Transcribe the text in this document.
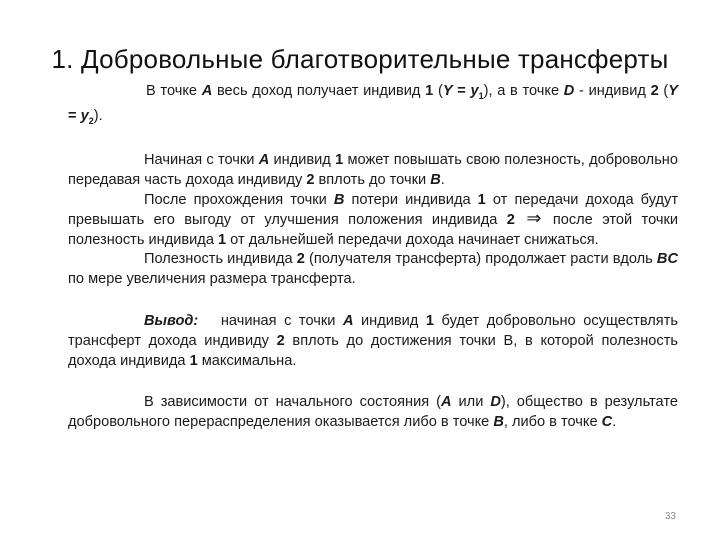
1. Добровольные благотворительные трансферты

В точке A весь доход получает индивид 1 $(Y = y_1)$, а в точке D - индивид 2 $(Y = y_2)$.

Начиная с точки A индивид 1 может повышать свою полезность, добровольно передавая часть дохода индивиду 2 вплоть до точки B.

После прохождения точки B потери индивида 1 от передачи дохода будут превышать его выгоду от улучшения положения индивида 2 ⇒ после этой точки полезность индивида 1 от дальнейшей передачи дохода начинает снижаться.

Полезность индивида 2 (получателя трансферта) продолжает расти вдоль BC по мере увеличения размера трансферта.

Вывод:   начиная с точки A индивид 1 будет добровольно осуществлять трансферт дохода индивиду 2 вплоть до достижения точки B, в которой полезность дохода индивида 1 максимальна.

В зависимости от начального состояния (A или D), общество в результате добровольного перераспределения оказывается либо в точке B, либо в точке C.

33
